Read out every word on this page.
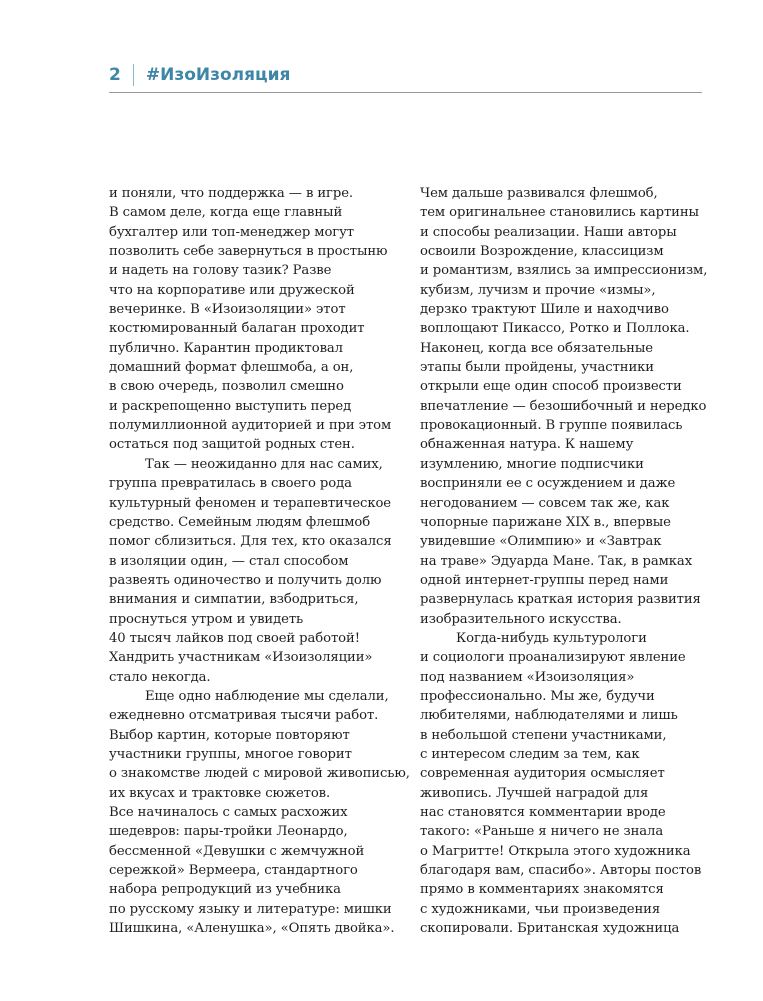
2 #ИзоИзоляция
и поняли, что поддержка — в игре.
В самом деле, когда еще главный
бухгалтер или топ-менеджер могут
позволить себе завернуться в простыню
и надеть на голову тазик? Разве
что на корпоративе или дружеской
вечеринке. В «Изоизоляции» этот
костюмированный балаган проходит
публично. Карантин продиктовал
домашний формат флешмоба, а он,
в свою очередь, позволил смешно
и раскрепощенно выступить перед
полумиллионной аудиторией и при этом
остаться под защитой родных стен.
Так — неожиданно для нас самих,
группа превратилась в своего рода
культурный феномен и терапевтическое
средство. Семейным людям флешмоб
помог сблизиться. Для тех, кто оказался
в изоляции один, — стал способом
развеять одиночество и получить долю
внимания и симпатии, взбодриться,
проснуться утром и увидеть
40 тысяч лайков под своей работой!
Хандрить участникам «Изоизоляции»
стало некогда.
Еще одно наблюдение мы сделали,
ежедневно отсматривая тысячи работ.
Выбор картин, которые повторяют
участники группы, многое говорит
о знакомстве людей с мировой живописью,
их вкусах и трактовке сюжетов.
Все начиналось с самых расхожих
шедевров: пары-тройки Леонардо,
бессменной «Девушки с жемчужной
сережкой» Вермеера, стандартного
набора репродукций из учебника
по русскому языку и литературе: мишки
Шишкина, «Аленушка», «Опять двойка».
Чем дальше развивался флешмоб,
тем оригинальнее становились картины
и способы реализации. Наши авторы
освоили Возрождение, классицизм
и романтизм, взялись за импрессионизм,
кубизм, лучизм и прочие «измы»,
дерзко трактуют Шиле и находчиво
воплощают Пикассо, Ротко и Поллока.
Наконец, когда все обязательные
этапы были пройдены, участники
открыли еще один способ произвести
впечатление — безошибочный и нередко
провокационный. В группе появилась
обнаженная натура. К нашему
изумлению, многие подписчики
восприняли ее с осуждением и даже
негодованием — совсем так же, как
чопорные парижане XIX в., впервые
увидевшие «Олимпию» и «Завтрак
на траве» Эдуарда Мане. Так, в рамках
одной интернет-группы перед нами
развернулась краткая история развития
изобразительного искусства.
Когда-нибудь культурологи
и социологи проанализируют явление
под названием «Изоизоляция»
профессионально. Мы же, будучи
любителями, наблюдателями и лишь
в небольшой степени участниками,
с интересом следим за тем, как
современная аудитория осмысляет
живопись. Лучшей наградой для
нас становятся комментарии вроде
такого: «Раньше я ничего не знала
о Магритте! Открыла этого художника
благодаря вам, спасибо». Авторы постов
прямо в комментариях знакомятся
с художниками, чьи произведения
скопировали. Британская художница
